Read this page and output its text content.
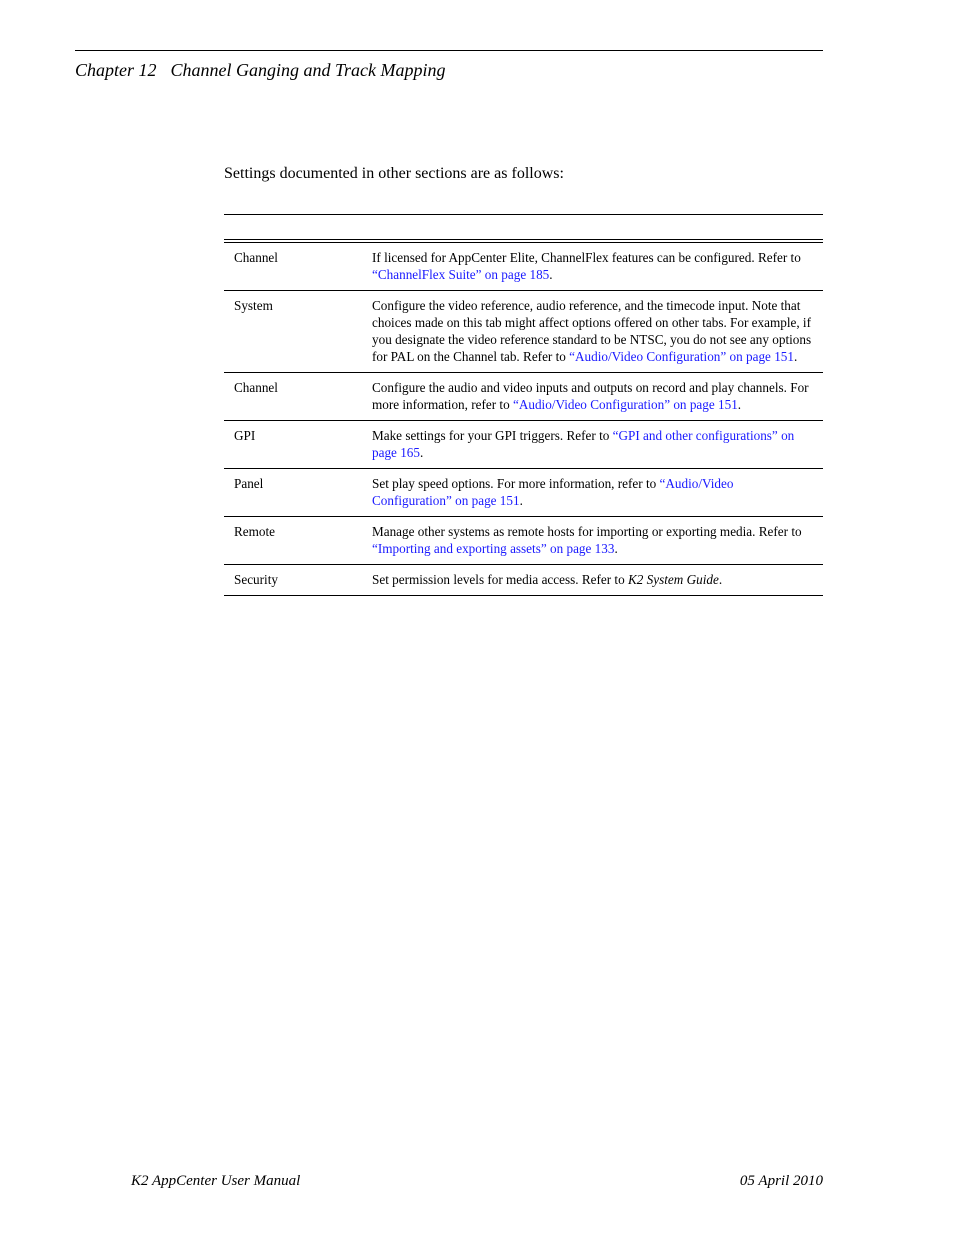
Chapter 12 Channel Ganging and Track Mapping
Settings documented in other sections are as follows:
Channel	If licensed for AppCenter Elite, ChannelFlex features can be configured. Refer to “ChannelFlex Suite” on page 185.
System	Configure the video reference, audio reference, and the timecode input. Note that choices made on this tab might affect options offered on other tabs. For example, if you designate the video reference standard to be NTSC, you do not see any options for PAL on the Channel tab. Refer to “Audio/Video Configuration” on page 151.
Channel	Configure the audio and video inputs and outputs on record and play channels. For more information, refer to “Audio/Video Configuration” on page 151.
GPI	Make settings for your GPI triggers. Refer to “GPI and other configurations” on page 165.
Panel	Set play speed options. For more information, refer to “Audio/Video Configuration” on page 151.
Remote	Manage other systems as remote hosts for importing or exporting media. Refer to “Importing and exporting assets” on page 133.
Security	Set permission levels for media access. Refer to K2 System Guide.
K2 AppCenter User Manual	05 April 2010
